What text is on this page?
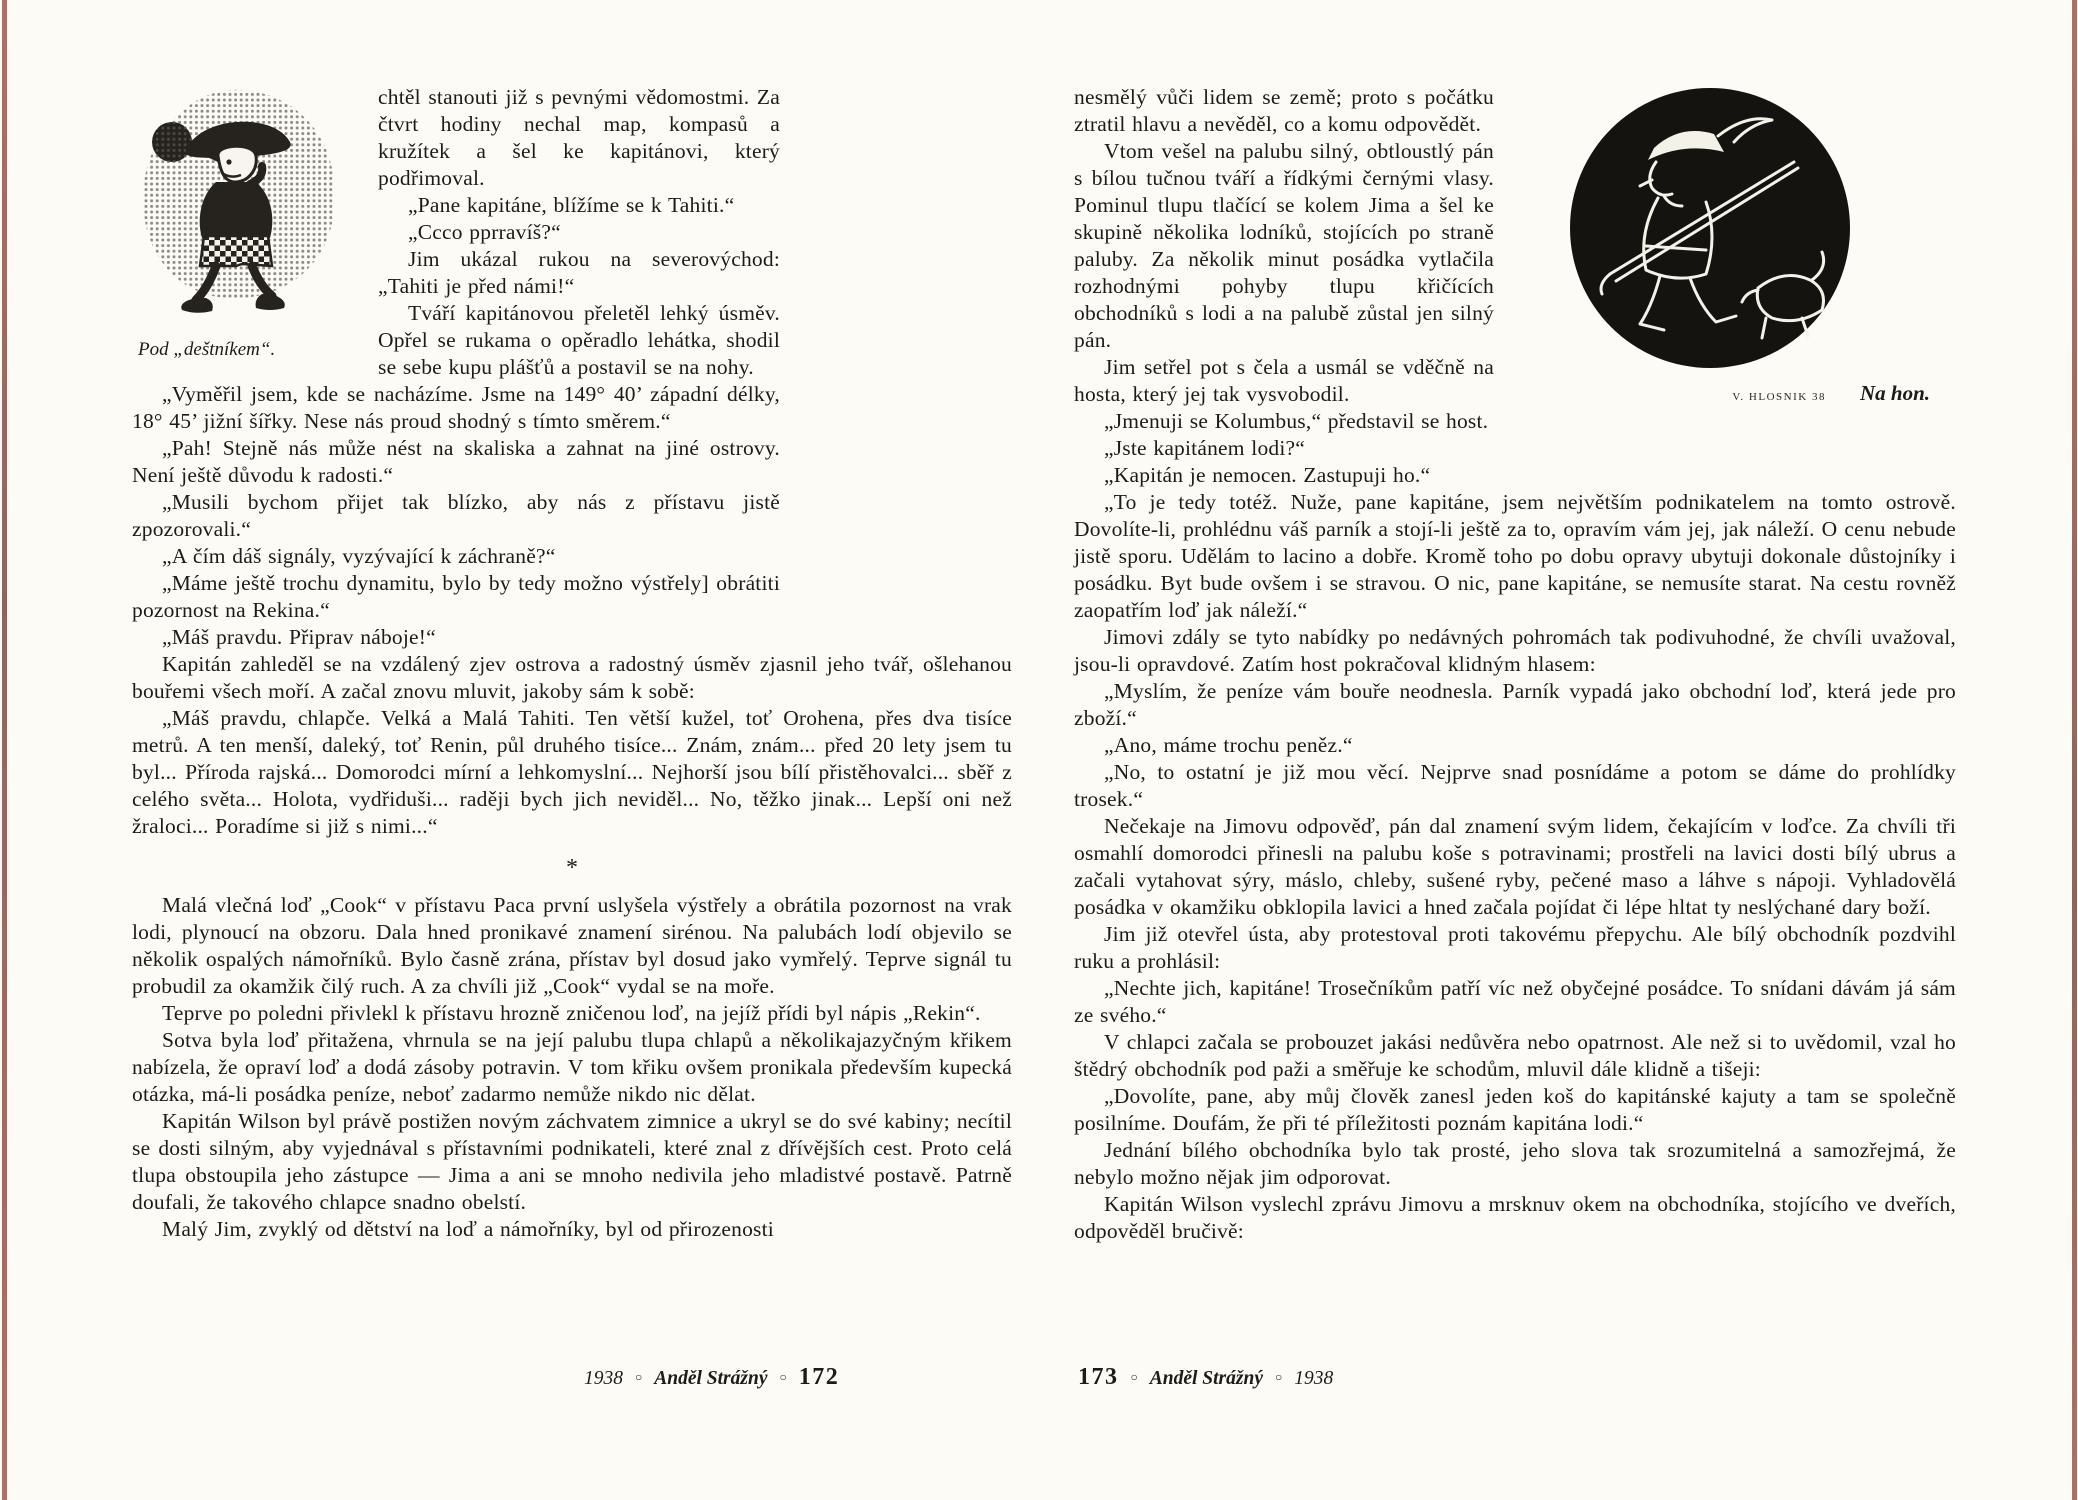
Pod „deštníkem“.

chtěl stanouti již s pevnými vědomostmi. Za čtvrt hodiny nechal map, kompasů a kružítek a šel ke kapitánovi, který podřimoval.

„Pane kapitáne, blížíme se k Tahiti.“

„Ccco pprravíš?“

Jim ukázal rukou na severovýchod: „Tahiti je před námi!“

Tváří kapitánovou přeletěl lehký úsměv. Opřel se rukama o opěradlo lehátka, shodil se sebe kupu plášťů a postavil se na nohy.

„Vyměřil jsem, kde se nacházíme. Jsme na 149° 40’ západní délky, 18° 45’ jižní šířky. Nese nás proud shodný s tímto směrem.“

„Pah! Stejně nás může nést na skaliska a zahnat na jiné ostrovy. Není ještě důvodu k radosti.“

„Musili bychom přijet tak blízko, aby nás z přístavu jistě zpozorovali.“

„A čím dáš signály, vyzývající k záchraně?“

„Máme ještě trochu dynamitu, bylo by tedy možno výstřely] obrátiti pozornost na Rekina.“

„Máš pravdu. Připrav náboje!“

Kapitán zahleděl se na vzdálený zjev ostrova a radostný úsměv zjasnil jeho tvář, ošlehanou bouřemi všech moří. A začal znovu mluvit, jakoby sám k sobě:

„Máš pravdu, chlapče. Velká a Malá Tahiti. Ten větší kužel, toť Orohena, přes dva tisíce metrů. A ten menší, daleký, toť Renin, půl druhého tisíce... Znám, znám... před 20 lety jsem tu byl... Příroda rajská... Domorodci mírní a lehkomyslní... Nejhorší jsou bílí přistěhovalci... sběř z celého světa... Holota, vydřiduši... raději bych jich neviděl... No, těžko jinak... Lepší oni než žraloci... Poradíme si již s nimi...“

*

Malá vlečná loď „Cook“ v přístavu Paca první uslyšela výstřely a obrátila pozornost na vrak lodi, plynoucí na obzoru. Dala hned pronikavé znamení sirénou. Na palubách lodí objevilo se několik ospalých námořníků. Bylo časně zrána, přístav byl dosud jako vymřelý. Teprve signál tu probudil za okamžik čilý ruch. A za chvíli již „Cook“ vydal se na moře.

Teprve po poledni přivlekl k přístavu hrozně zničenou loď, na jejíž přídi byl nápis „Rekin“.

Sotva byla loď přitažena, vhrnula se na její palubu tlupa chlapů a několikajazyčným křikem nabízela, že opraví loď a dodá zásoby potravin. V tom křiku ovšem pronikala především kupecká otázka, má-li posádka peníze, neboť zadarmo nemůže nikdo nic dělat.

Kapitán Wilson byl právě postižen novým záchvatem zimnice a ukryl se do své kabiny; necítil se dosti silným, aby vyjednával s přístavními podnikateli, které znal z dřívějších cest. Proto celá tlupa obstoupila jeho zástupce — Jima a ani se mnoho nedivila jeho mladistvé postavě. Patrně doufali, že takového chlapce snadno obelstí.

Malý Jim, zvyklý od dětství na loď a námořníky, byl od přirozenosti

V. HLOSNIK 38 Na hon.

nesmělý vůči lidem se země; proto s počátku ztratil hlavu a nevěděl, co a komu odpovědět.

Vtom vešel na palubu silný, obtloustlý pán s bílou tučnou tváří a řídkými černými vlasy. Pominul tlupu tlačící se kolem Jima a šel ke skupině několika lodníků, stojících po straně paluby. Za několik minut posádka vytlačila rozhodnými pohyby tlupu křičících obchodníků s lodi a na palubě zůstal jen silný pán.

Jim setřel pot s čela a usmál se vděčně na hosta, který jej tak vysvobodil.

„Jmenuji se Kolumbus,“ představil se host.

„Jste kapitánem lodi?“

„Kapitán je nemocen. Zastupuji ho.“

„To je tedy totéž. Nuže, pane kapitáne, jsem největším podnikatelem na tomto ostrově. Dovolíte-li, prohlédnu váš parník a stojí-li ještě za to, opravím vám jej, jak náleží. O cenu nebude jistě sporu. Udělám to lacino a dobře. Kromě toho po dobu opravy ubytuji dokonale důstojníky i posádku. Byt bude ovšem i se stravou. O nic, pane kapitáne, se nemusíte starat. Na cestu rovněž zaopatřím loď jak náleží.“

Jimovi zdály se tyto nabídky po nedávných pohromách tak podivuhodné, že chvíli uvažoval, jsou-li opravdové. Zatím host pokračoval klidným hlasem:

„Myslím, že peníze vám bouře neodnesla. Parník vypadá jako obchodní loď, která jede pro zboží.“

„Ano, máme trochu peněz.“

„No, to ostatní je již mou věcí. Nejprve snad posnídáme a potom se dáme do prohlídky trosek.“

Nečekaje na Jimovu odpověď, pán dal znamení svým lidem, čekajícím v loďce. Za chvíli tři osmahlí domorodci přinesli na palubu koše s potravinami; prostřeli na lavici dosti bílý ubrus a začali vytahovat sýry, máslo, chleby, sušené ryby, pečené maso a láhve s nápoji. Vyhladovělá posádka v okamžiku obklopila lavici a hned začala pojídat či lépe hltat ty neslýchané dary boží.

Jim již otevřel ústa, aby protestoval proti takovému přepychu. Ale bílý obchodník pozdvihl ruku a prohlásil:

„Nechte jich, kapitáne! Trosečníkům patří víc než obyčejné posádce. To snídani dávám já sám ze svého.“

V chlapci začala se probouzet jakási nedůvěra nebo opatrnost. Ale než si to uvědomil, vzal ho štědrý obchodník pod paži a směřuje ke schodům, mluvil dále klidně a tišeji:

„Dovolíte, pane, aby můj člověk zanesl jeden koš do kapitánské kajuty a tam se společně posilníme. Doufám, že při té příležitosti poznám kapitána lodi.“

Jednání bílého obchodníka bylo tak prosté, jeho slova tak srozumitelná a samozřejmá, že nebylo možno nějak jim odporovat.

Kapitán Wilson vyslechl zprávu Jimovu a mrsknuv okem na obchodníka, stojícího ve dveřích, odpověděl bručivě:

1938 ○ Anděl Strážný ○ 172	173 ○ Anděl Strážný ○ 1938
